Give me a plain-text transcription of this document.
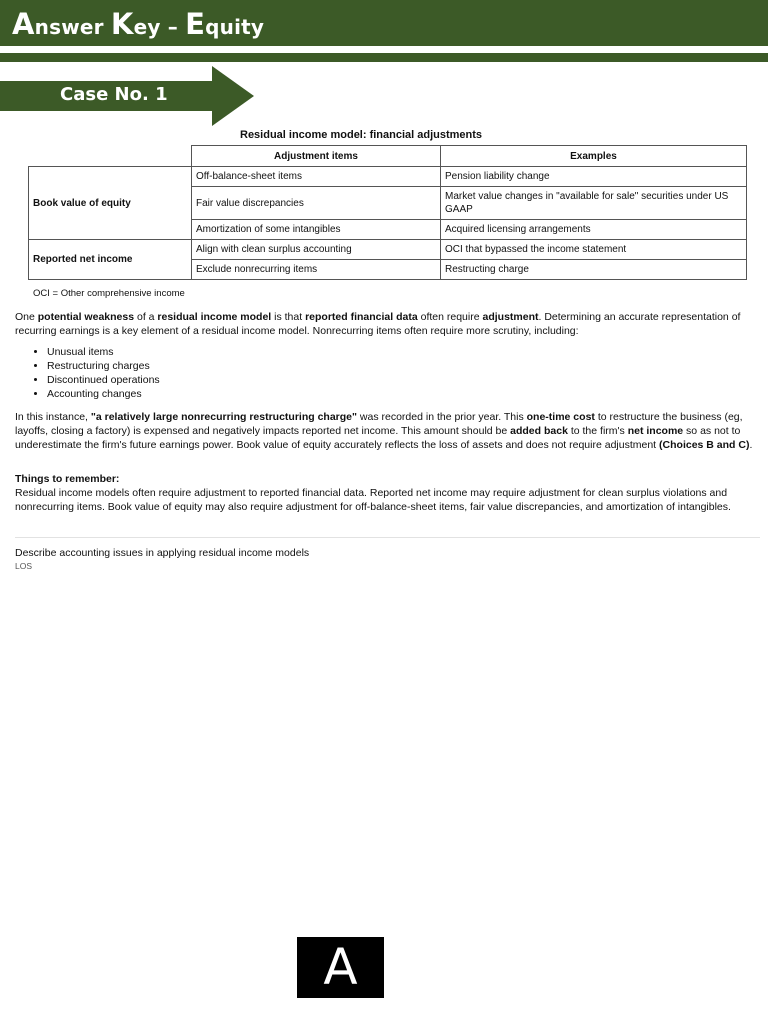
Answer Key – Equity
Case No. 1
Residual income model: financial adjustments
	Adjustment items	Examples
Book value of equity	Off-balance-sheet items	Pension liability change
	Fair value discrepancies	Market value changes in "available for sale" securities under US GAAP
	Amortization of some intangibles	Acquired licensing arrangements
Reported net income	Align with clean surplus accounting	OCI that bypassed the income statement
	Exclude nonrecurring items	Restructing charge
OCI = Other comprehensive income
One potential weakness of a residual income model is that reported financial data often require adjustment. Determining an accurate representation of recurring earnings is a key element of a residual income model. Nonrecurring items often require more scrutiny, including:
• Unusual items
• Restructuring charges
• Discontinued operations
• Accounting changes
In this instance, "a relatively large nonrecurring restructuring charge" was recorded in the prior year. This one-time cost to restructure the business (eg, layoffs, closing a factory) is expensed and negatively impacts reported net income. This amount should be added back to the firm's net income so as not to underestimate the firm's future earnings power. Book value of equity accurately reflects the loss of assets and does not require adjustment (Choices B and C).
Things to remember:
Residual income models often require adjustment to reported financial data. Reported net income may require adjustment for clean surplus violations and nonrecurring items. Book value of equity may also require adjustment for off-balance-sheet items, fair value discrepancies, and amortization of intangibles.
Describe accounting issues in applying residual income models
LOS
A
